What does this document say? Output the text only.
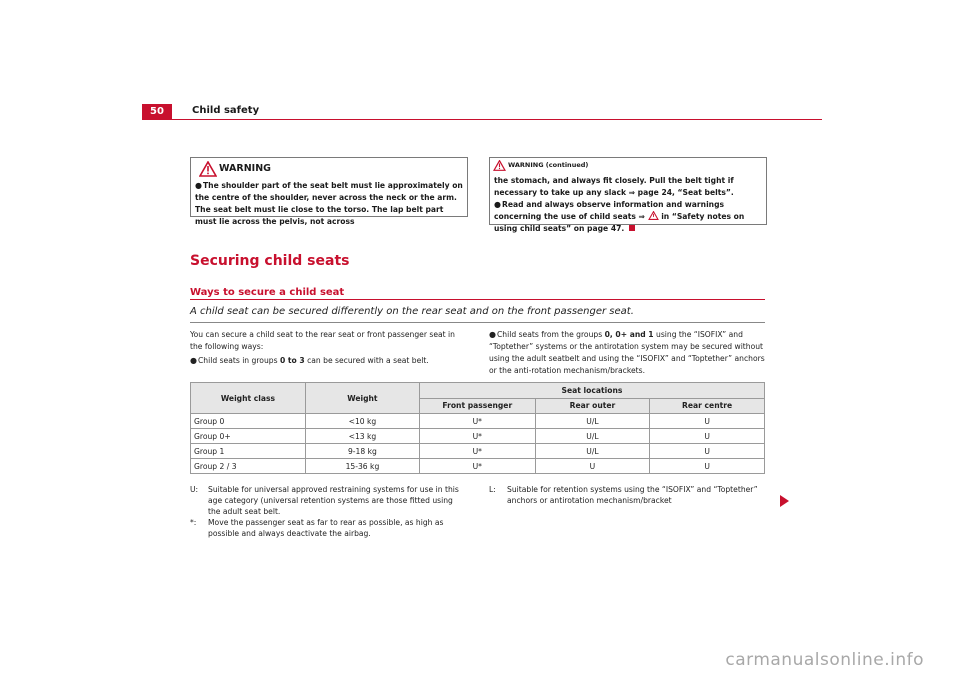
50	Child safety
WARNING
●The shoulder part of the seat belt must lie approximately on the centre of the shoulder, never across the neck or the arm. The seat belt must lie close to the torso. The lap belt part must lie across the pelvis, not across
WARNING (continued)
the stomach, and always fit closely. Pull the belt tight if necessary to take up any slack ⇒ page 24, “Seat belts”.
●Read and always observe information and warnings concerning the use of child seats ⇒  in “Safety notes on using child seats” on page 47.
Securing child seats
Ways to secure a child seat
A child seat can be secured differently on the rear seat and on the front passenger seat.
You can secure a child seat to the rear seat or front passenger seat in the following ways:
●Child seats in groups 0 to 3 can be secured with a seat belt.
●Child seats from the groups 0, 0+ and 1 using the “ISOFIX” and “Toptether” systems or the antirotation system may be secured without using the adult seatbelt and using the “ISOFIX” and “Toptether” anchors or the anti-rotation mechanism/brackets.
Weight class	Weight	Seat locations		
		Front passenger	Rear outer	Rear centre
Group 0	<10 kg	U*	U/L	U
Group 0+	<13 kg	U*	U/L	U
Group 1	9-18 kg	U*	U/L	U
Group 2 / 3	15-36 kg	U*	U	U
U: Suitable for universal approved restraining systems for use in this age category (universal retention systems are those fitted using the adult seat belt.
*: Move the passenger seat as far to rear as possible, as high as possible and always deactivate the airbag.
L: Suitable for retention systems using the “ISOFIX” and “Toptether” anchors or antirotation mechanism/bracket
carmanualsonline.info
